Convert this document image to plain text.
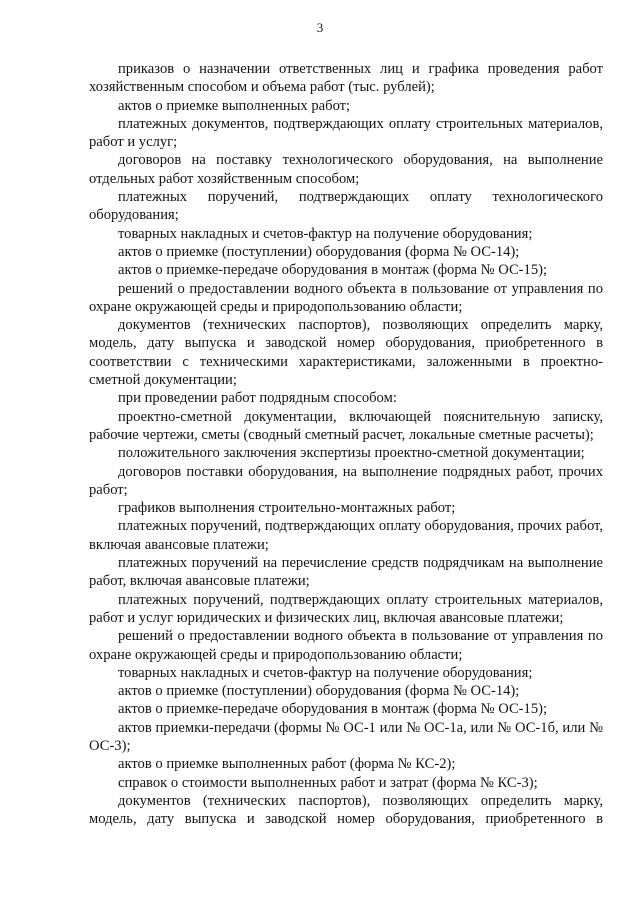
3

приказов о назначении ответственных лиц и графика проведения работ хозяйственным способом и объема работ (тыс. рублей);

актов о приемке выполненных работ;

платежных документов, подтверждающих оплату строительных материалов, работ и услуг;

договоров на поставку технологического оборудования, на выполнение отдельных работ хозяйственным способом;

платежных поручений, подтверждающих оплату технологического оборудования;

товарных накладных и счетов-фактур на получение оборудования;

актов о приемке (поступлении) оборудования (форма № ОС-14);

актов о приемке-передаче оборудования в монтаж (форма № ОС-15);

решений о предоставлении водного объекта в пользование от управления по охране окружающей среды и природопользованию области;

документов (технических паспортов), позволяющих определить марку, модель, дату выпуска и заводской номер оборудования, приобретенного в соответствии с техническими характеристиками, заложенными в проектно-сметной документации;

при проведении работ подрядным способом:

проектно-сметной документации, включающей пояснительную записку, рабочие чертежи, сметы (сводный сметный расчет, локальные сметные расчеты);

положительного заключения экспертизы проектно-сметной документации;

договоров поставки оборудования, на выполнение подрядных работ, прочих работ;

графиков выполнения строительно-монтажных работ;

платежных поручений, подтверждающих оплату оборудования, прочих работ, включая авансовые платежи;

платежных поручений на перечисление средств подрядчикам на выполнение работ, включая авансовые платежи;

платежных поручений, подтверждающих оплату строительных материалов, работ и услуг юридических и физических лиц, включая авансовые платежи;

решений о предоставлении водного объекта в пользование от управления по охране окружающей среды и природопользованию области;

товарных накладных и счетов-фактур на получение оборудования;

актов о приемке (поступлении) оборудования (форма № ОС-14);

актов о приемке-передаче оборудования в монтаж (форма № ОС-15);

актов приемки-передачи (формы № ОС-1 или № ОС-1а, или № ОС-1б, или № ОС-3);

актов о приемке выполненных работ (форма № КС-2);

справок о стоимости выполненных работ и затрат (форма № КС-3);

документов (технических паспортов), позволяющих определить марку, модель, дату выпуска и заводской номер оборудования, приобретенного в
